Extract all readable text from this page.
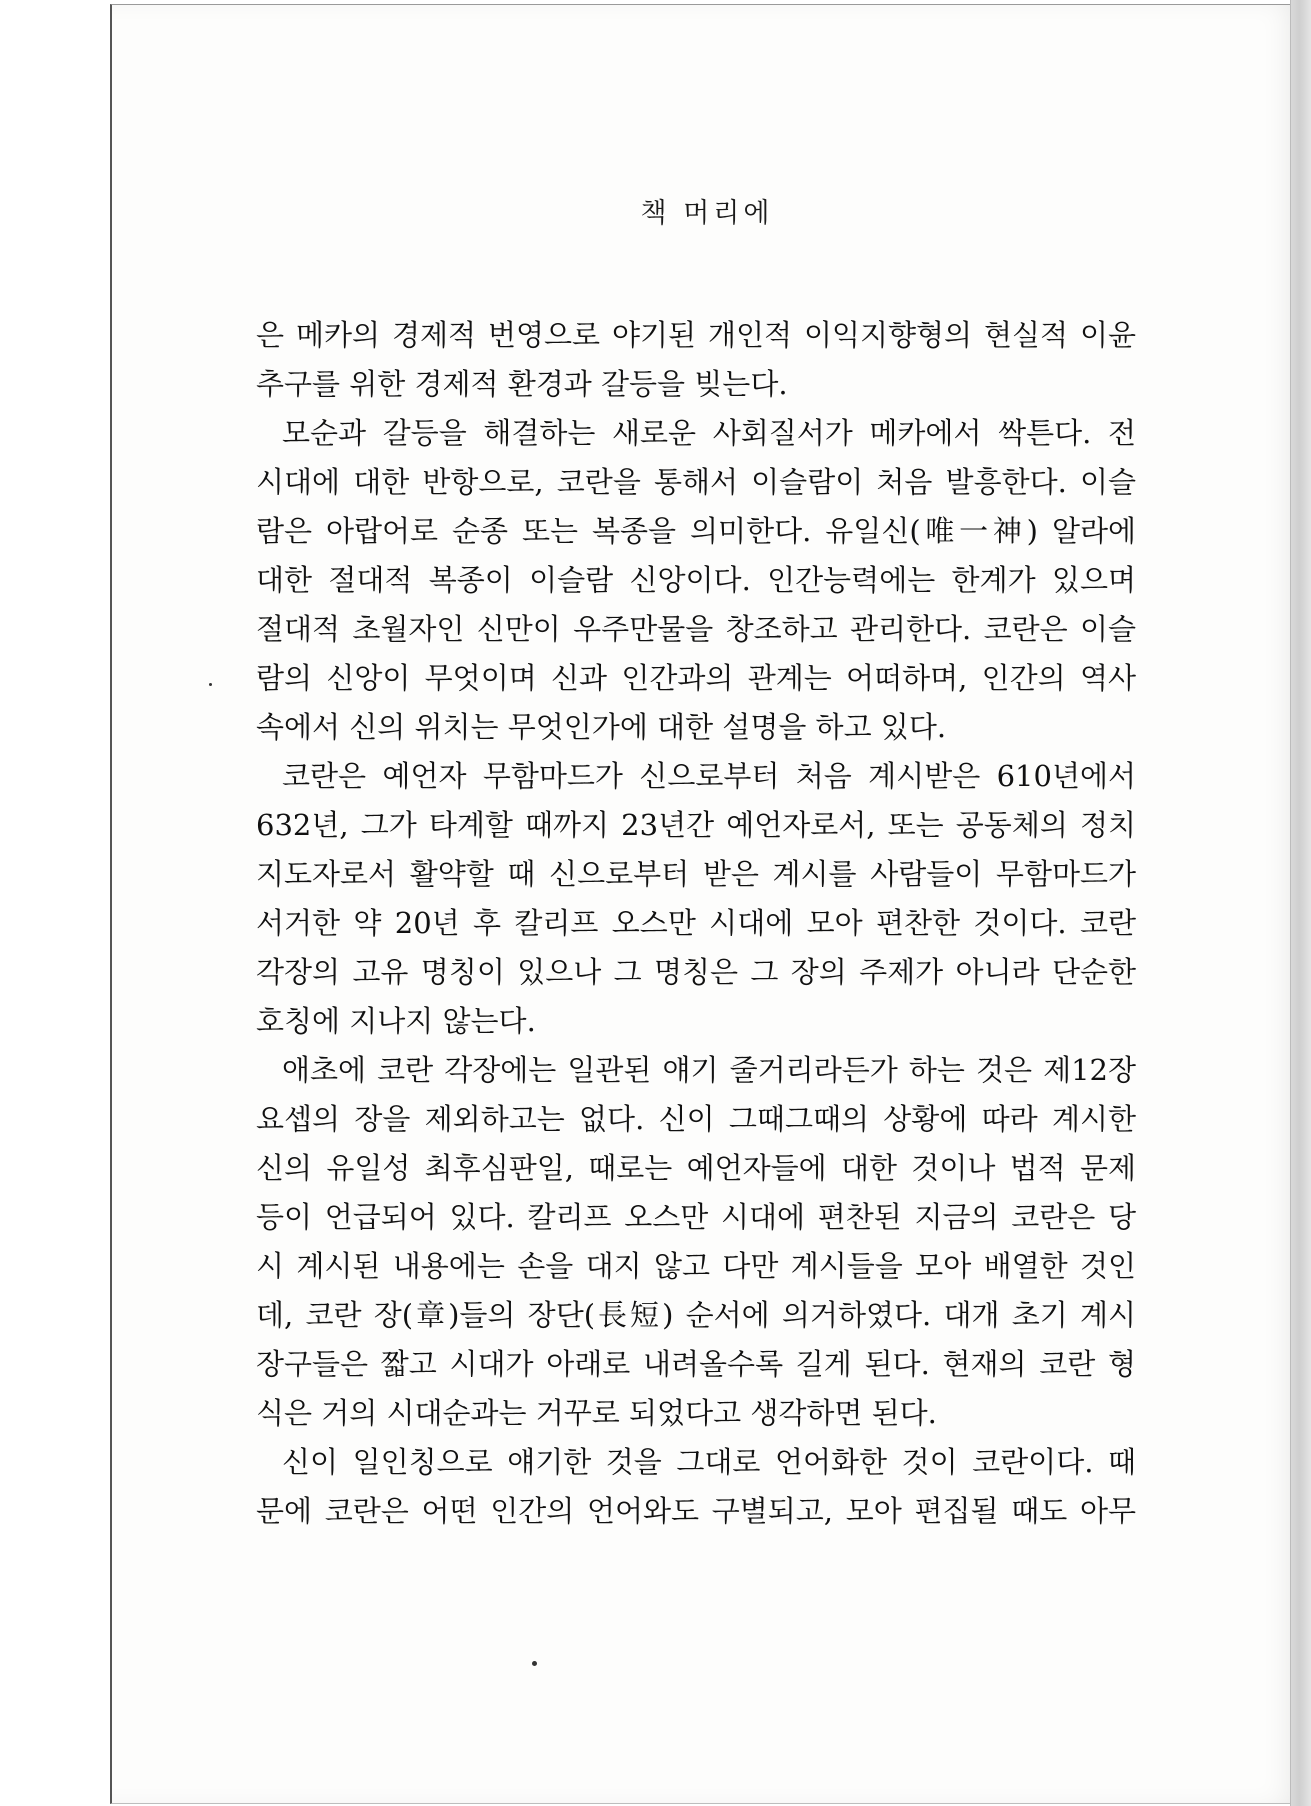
책 머리에
은 메카의 경제적 번영으로 야기된 개인적 이익지향형의 현실적 이윤
추구를 위한 경제적 환경과 갈등을 빚는다.
모순과 갈등을 해결하는 새로운 사회질서가 메카에서 싹튼다. 전
시대에 대한 반항으로, 코란을 통해서 이슬람이 처음 발흥한다. 이슬
람은 아랍어로 순종 또는 복종을 의미한다. 유일신(唯一神) 알라에
대한 절대적 복종이 이슬람 신앙이다. 인간능력에는 한계가 있으며
절대적 초월자인 신만이 우주만물을 창조하고 관리한다. 코란은 이슬
람의 신앙이 무엇이며 신과 인간과의 관계는 어떠하며, 인간의 역사
속에서 신의 위치는 무엇인가에 대한 설명을 하고 있다.
코란은 예언자 무함마드가 신으로부터 처음 계시받은 610년에서
632년, 그가 타계할 때까지 23년간 예언자로서, 또는 공동체의 정치
지도자로서 활약할 때 신으로부터 받은 계시를 사람들이 무함마드가
서거한 약 20년 후 칼리프 오스만 시대에 모아 편찬한 것이다. 코란
각장의 고유 명칭이 있으나 그 명칭은 그 장의 주제가 아니라 단순한
호칭에 지나지 않는다.
애초에 코란 각장에는 일관된 얘기 줄거리라든가 하는 것은 제12장
요셉의 장을 제외하고는 없다. 신이 그때그때의 상황에 따라 계시한
신의 유일성 최후심판일, 때로는 예언자들에 대한 것이나 법적 문제
등이 언급되어 있다. 칼리프 오스만 시대에 편찬된 지금의 코란은 당
시 계시된 내용에는 손을 대지 않고 다만 계시들을 모아 배열한 것인
데, 코란 장(章)들의 장단(長短) 순서에 의거하였다. 대개 초기 계시
장구들은 짧고 시대가 아래로 내려올수록 길게 된다. 현재의 코란 형
식은 거의 시대순과는 거꾸로 되었다고 생각하면 된다.
신이 일인칭으로 얘기한 것을 그대로 언어화한 것이 코란이다. 때
문에 코란은 어떤 인간의 언어와도 구별되고, 모아 편집될 때도 아무
